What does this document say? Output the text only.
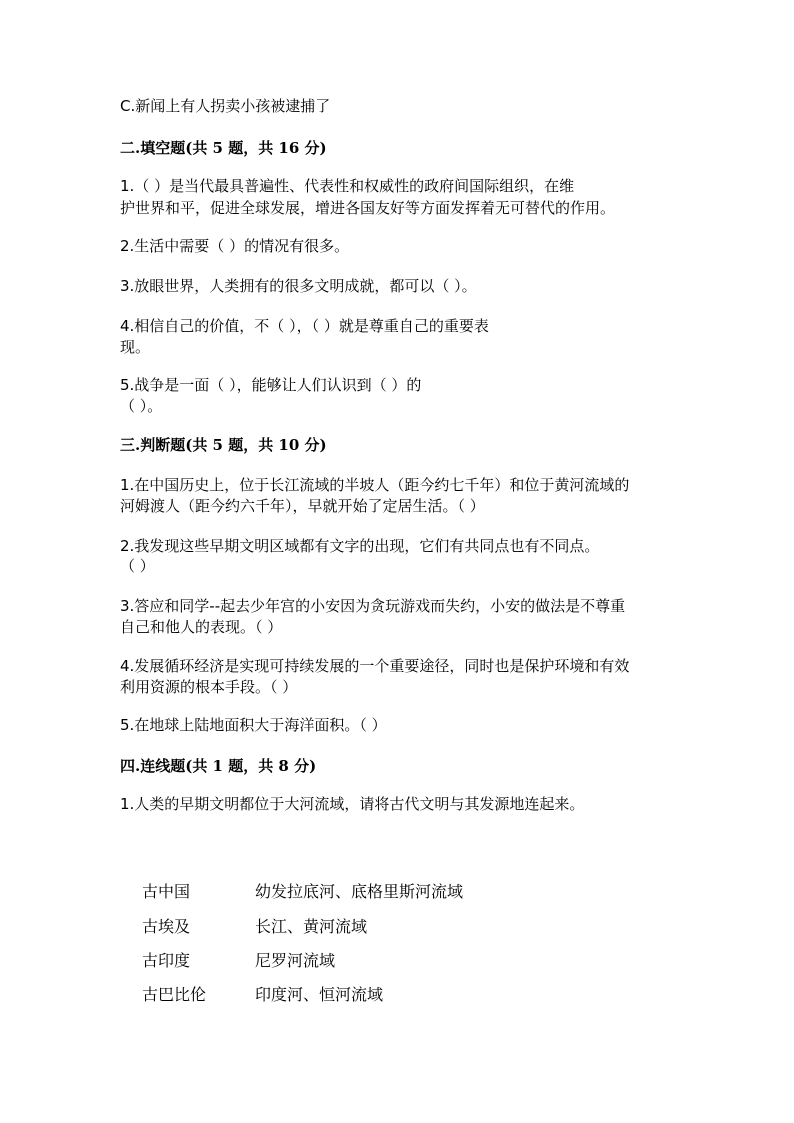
C.新闻上有人拐卖小孩被逮捕了
二.填空题(共 5 题，共 16 分)
1.（ ）是当代最具普遍性、代表性和权威性的政府间国际组织，在维
护世界和平，促进全球发展，增进各国友好等方面发挥着无可替代的作用。
2.生活中需要（ ）的情况有很多。
3.放眼世界，人类拥有的很多文明成就，都可以（ ）。
4.相信自己的价值，不（ ），（ ）就是尊重自己的重要表
现。
5.战争是一面（ ），能够让人们认识到（ ）的
（ ）。
三.判断题(共 5 题，共 10 分)
1.在中国历史上，位于长江流域的半坡人（距今约七千年）和位于黄河流域的
河姆渡人（距今约六千年），早就开始了定居生活。（ ）
2.我发现这些早期文明区域都有文字的出现，它们有共同点也有不同点。
（ ）
3.答应和同学--起去少年宫的小安因为贪玩游戏而失约，小安的做法是不尊重
自己和他人的表现。（ ）
4.发展循环经济是实现可持续发展的一个重要途径，同时也是保护环境和有效
利用资源的根本手段。（ ）
5.在地球上陆地面积大于海洋面积。（ ）
四.连线题(共 1 题，共 8 分)
1.人类的早期文明都位于大河流域，请将古代文明与其发源地连起来。
古中国	幼发拉底河、底格里斯河流域
古埃及	长江、黄河流域
古印度	尼罗河流域
古巴比伦	印度河、恒河流域
